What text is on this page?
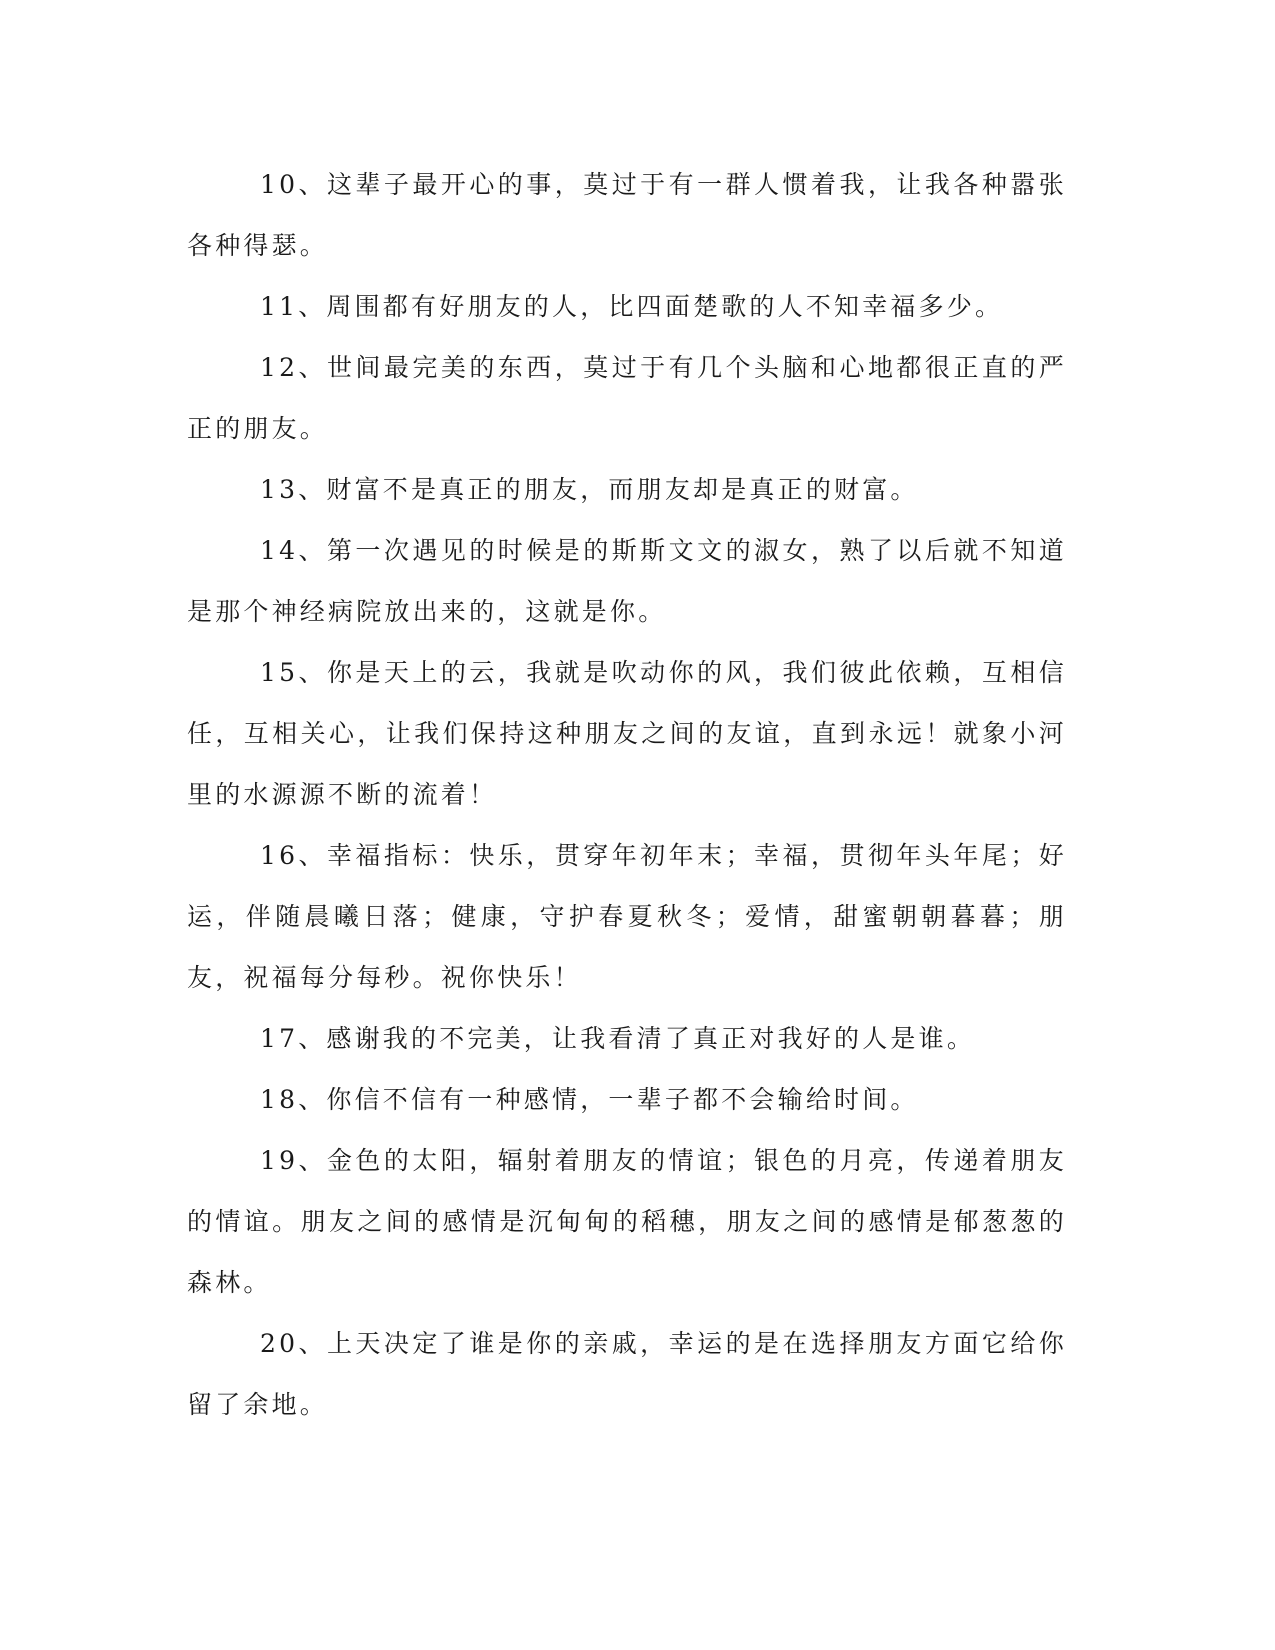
10、这辈子最开心的事，莫过于有一群人惯着我，让我各种嚣张各种得瑟。

11、周围都有好朋友的人，比四面楚歌的人不知幸福多少。

12、世间最完美的东西，莫过于有几个头脑和心地都很正直的严正的朋友。

13、财富不是真正的朋友，而朋友却是真正的财富。

14、第一次遇见的时候是的斯斯文文的淑女，熟了以后就不知道是那个神经病院放出来的，这就是你。

15、你是天上的云，我就是吹动你的风，我们彼此依赖，互相信任，互相关心，让我们保持这种朋友之间的友谊，直到永远！就象小河里的水源源不断的流着！

16、幸福指标：快乐，贯穿年初年末；幸福，贯彻年头年尾；好运，伴随晨曦日落；健康，守护春夏秋冬；爱情，甜蜜朝朝暮暮；朋友，祝福每分每秒。祝你快乐！

17、感谢我的不完美，让我看清了真正对我好的人是谁。

18、你信不信有一种感情，一辈子都不会输给时间。

19、金色的太阳，辐射着朋友的情谊；银色的月亮，传递着朋友的情谊。朋友之间的感情是沉甸甸的稻穗，朋友之间的感情是郁葱葱的森林。

20、上天决定了谁是你的亲戚，幸运的是在选择朋友方面它给你留了余地。
